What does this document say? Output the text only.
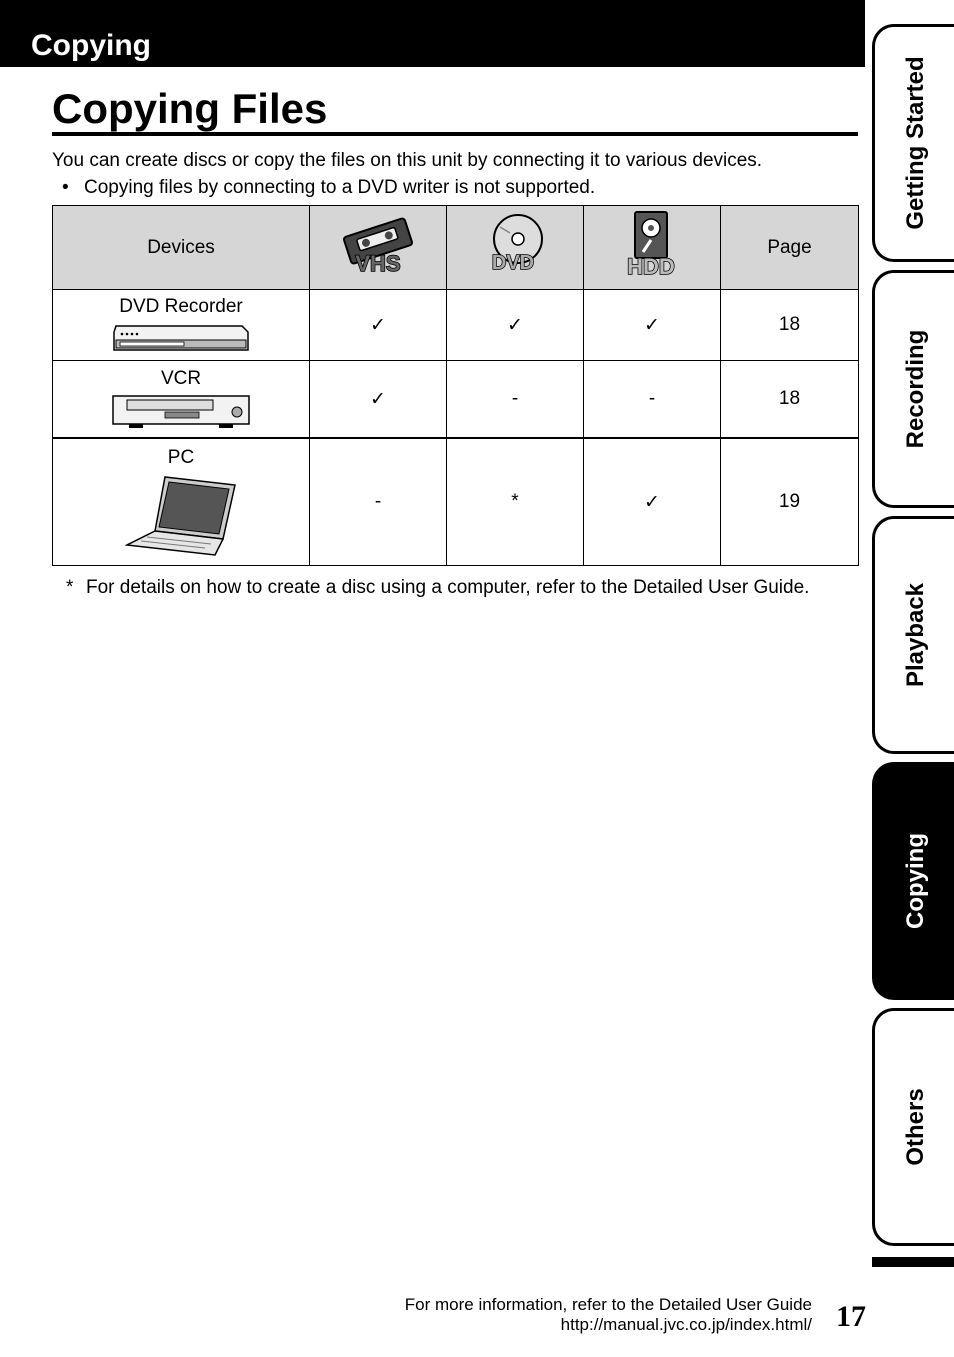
Copying
Copying Files

You can create discs or copy the files on this unit by connecting it to various devices.

• Copying files by connecting to a DVD writer is not supported.

Devices	VHS	DVD	HDD	Page

DVD Recorder	✓	✓	✓	18

VCR	✓	-	-	18

PC	-	*	✓	19
* For details on how to create a disc using a computer, refer to the Detailed User Guide.
For more information, refer to the Detailed User Guide
http://manual.jvc.co.jp/index.html/ 17
Getting Started
Recording
Playback
Copying
Others
